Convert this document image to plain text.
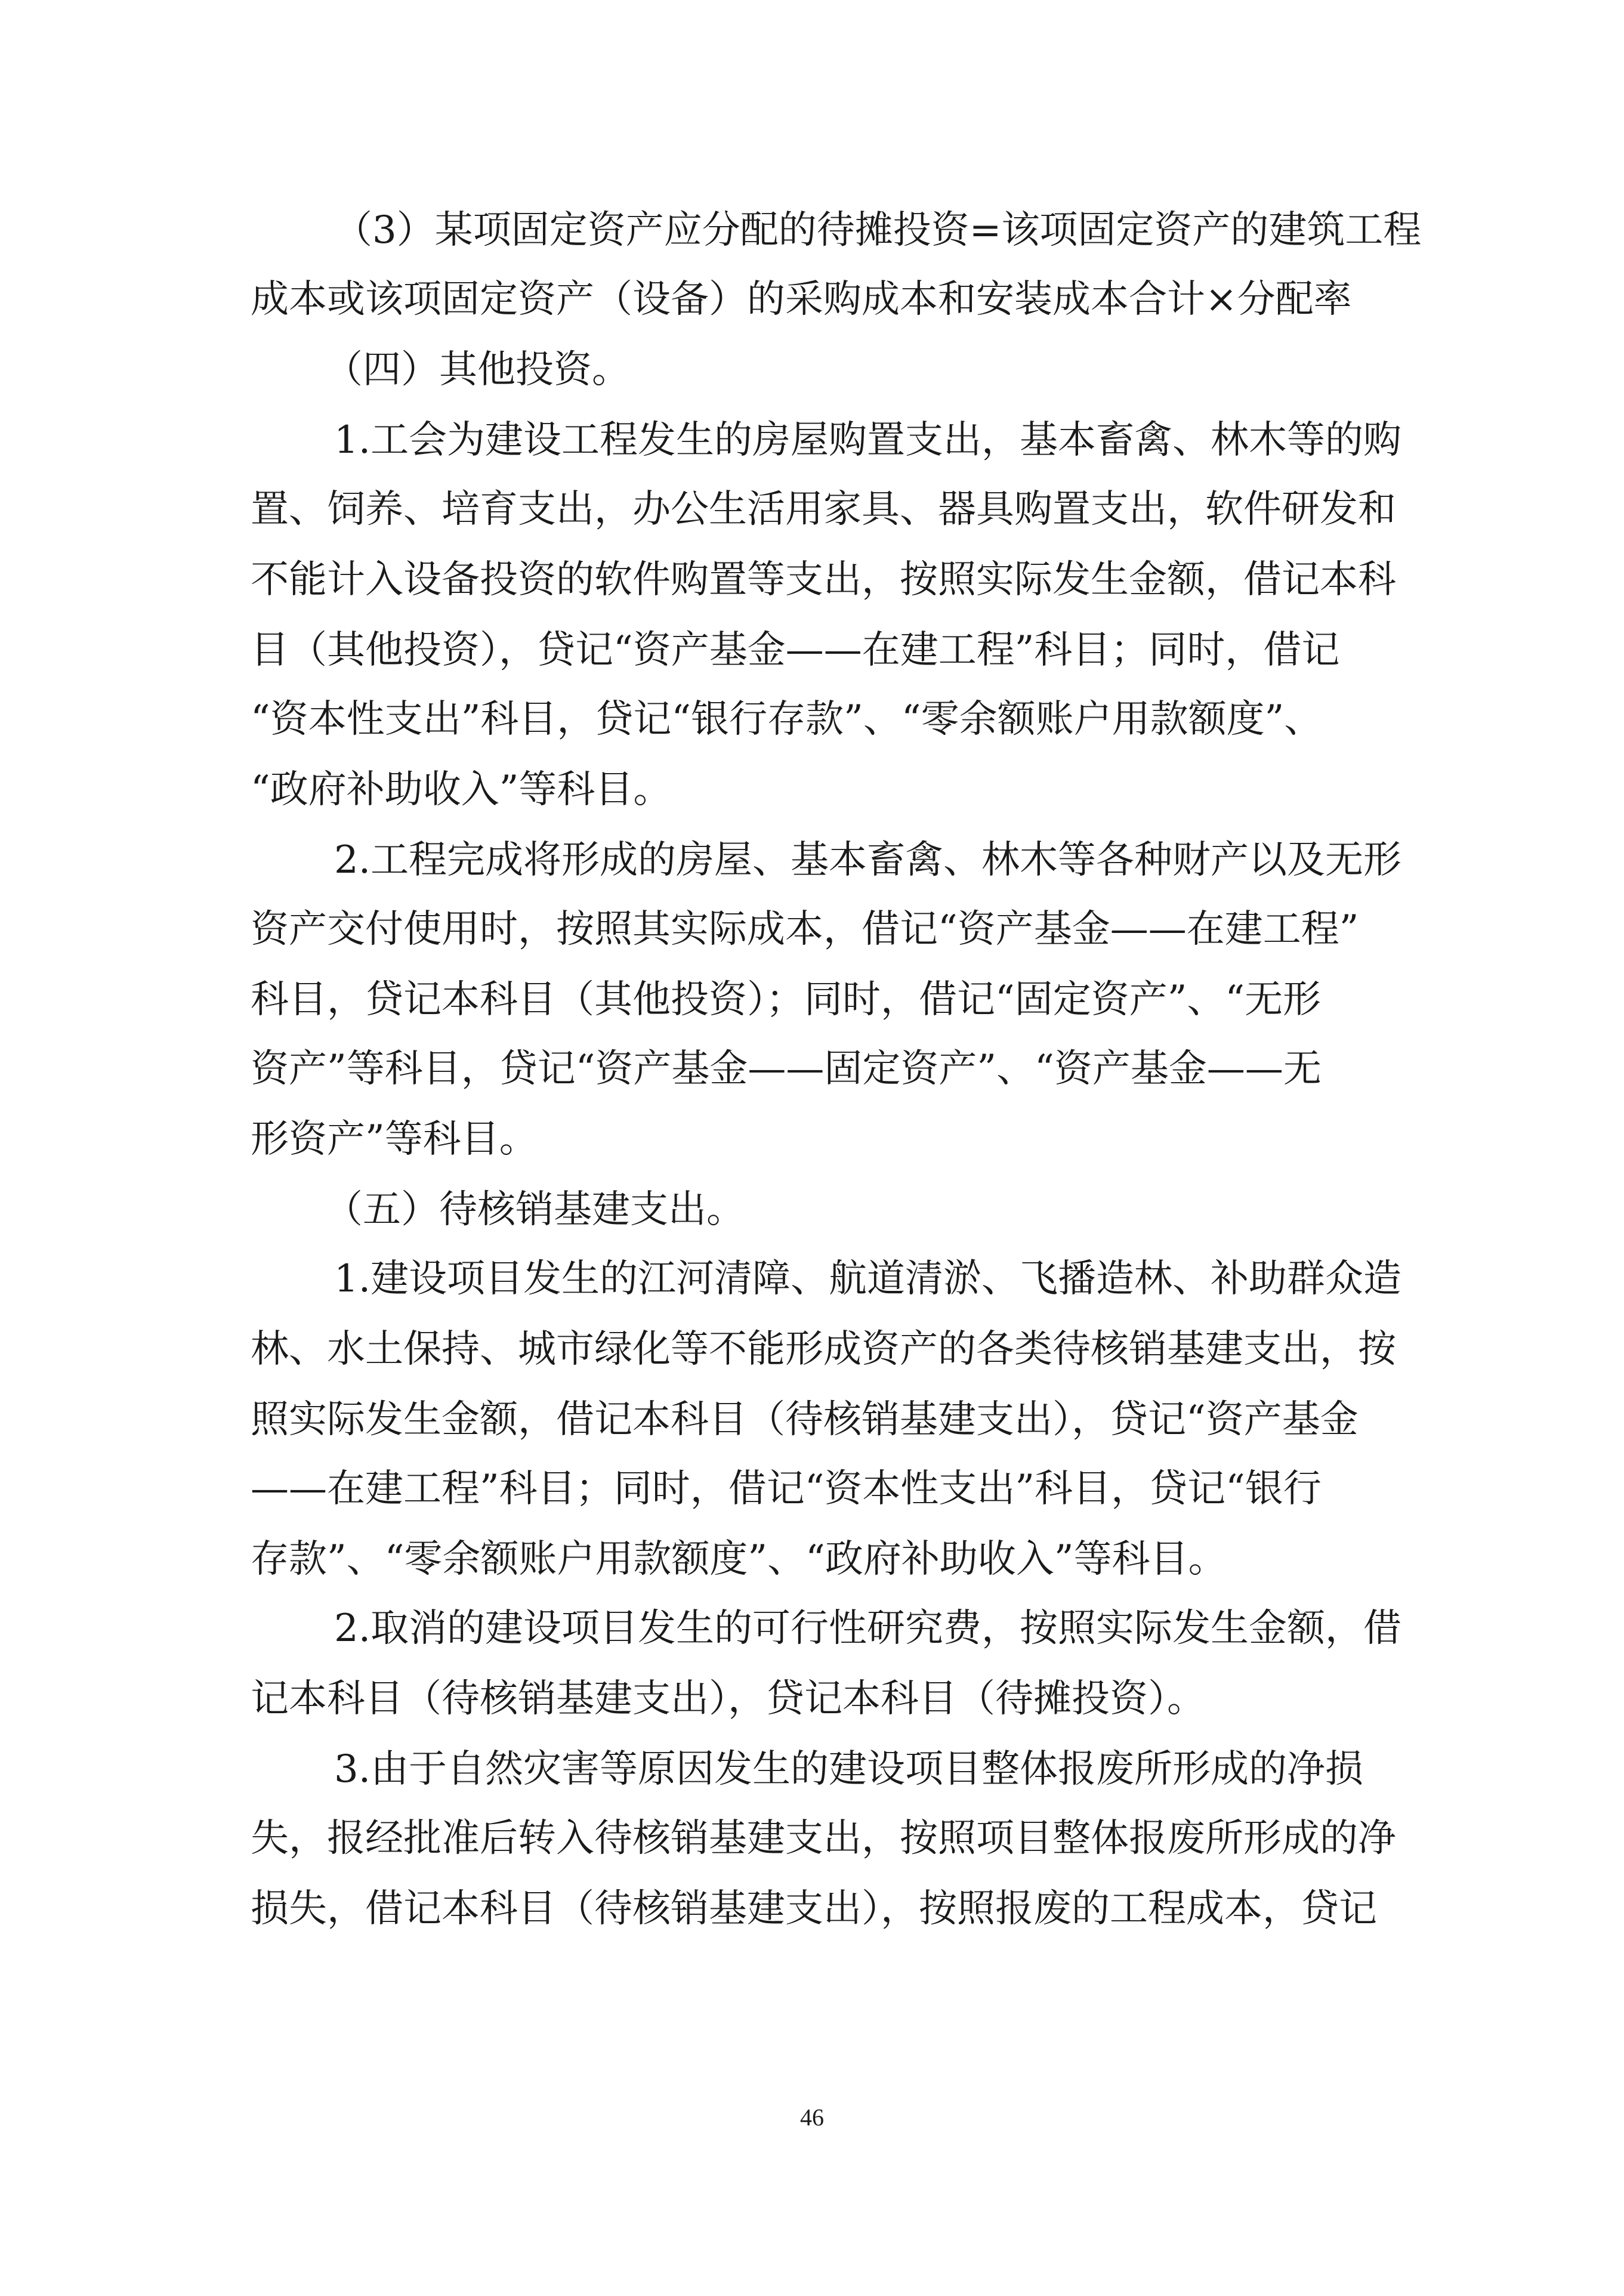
（3）某项固定资产应分配的待摊投资=该项固定资产的建筑工程
成本或该项固定资产（设备）的采购成本和安装成本合计×分配率
（四）其他投资。
1.工会为建设工程发生的房屋购置支出，基本畜禽、林木等的购
置、饲养、培育支出，办公生活用家具、器具购置支出，软件研发和
不能计入设备投资的软件购置等支出，按照实际发生金额，借记本科
目（其他投资），贷记“资产基金——在建工程”科目；同时，借记
“资本性支出”科目，贷记“银行存款”、“零余额账户用款额度”、
“政府补助收入”等科目。
2.工程完成将形成的房屋、基本畜禽、林木等各种财产以及无形
资产交付使用时，按照其实际成本，借记“资产基金——在建工程”
科目，贷记本科目（其他投资）；同时，借记“固定资产”、“无形
资产”等科目，贷记“资产基金——固定资产”、“资产基金——无
形资产”等科目。
（五）待核销基建支出。
1.建设项目发生的江河清障、航道清淤、飞播造林、补助群众造
林、水土保持、城市绿化等不能形成资产的各类待核销基建支出，按
照实际发生金额，借记本科目（待核销基建支出），贷记“资产基金
——在建工程”科目；同时，借记“资本性支出”科目，贷记“银行
存款”、“零余额账户用款额度”、“政府补助收入”等科目。
2.取消的建设项目发生的可行性研究费，按照实际发生金额，借
记本科目（待核销基建支出），贷记本科目（待摊投资）。
3.由于自然灾害等原因发生的建设项目整体报废所形成的净损
失，报经批准后转入待核销基建支出，按照项目整体报废所形成的净
损失，借记本科目（待核销基建支出），按照报废的工程成本，贷记
46
